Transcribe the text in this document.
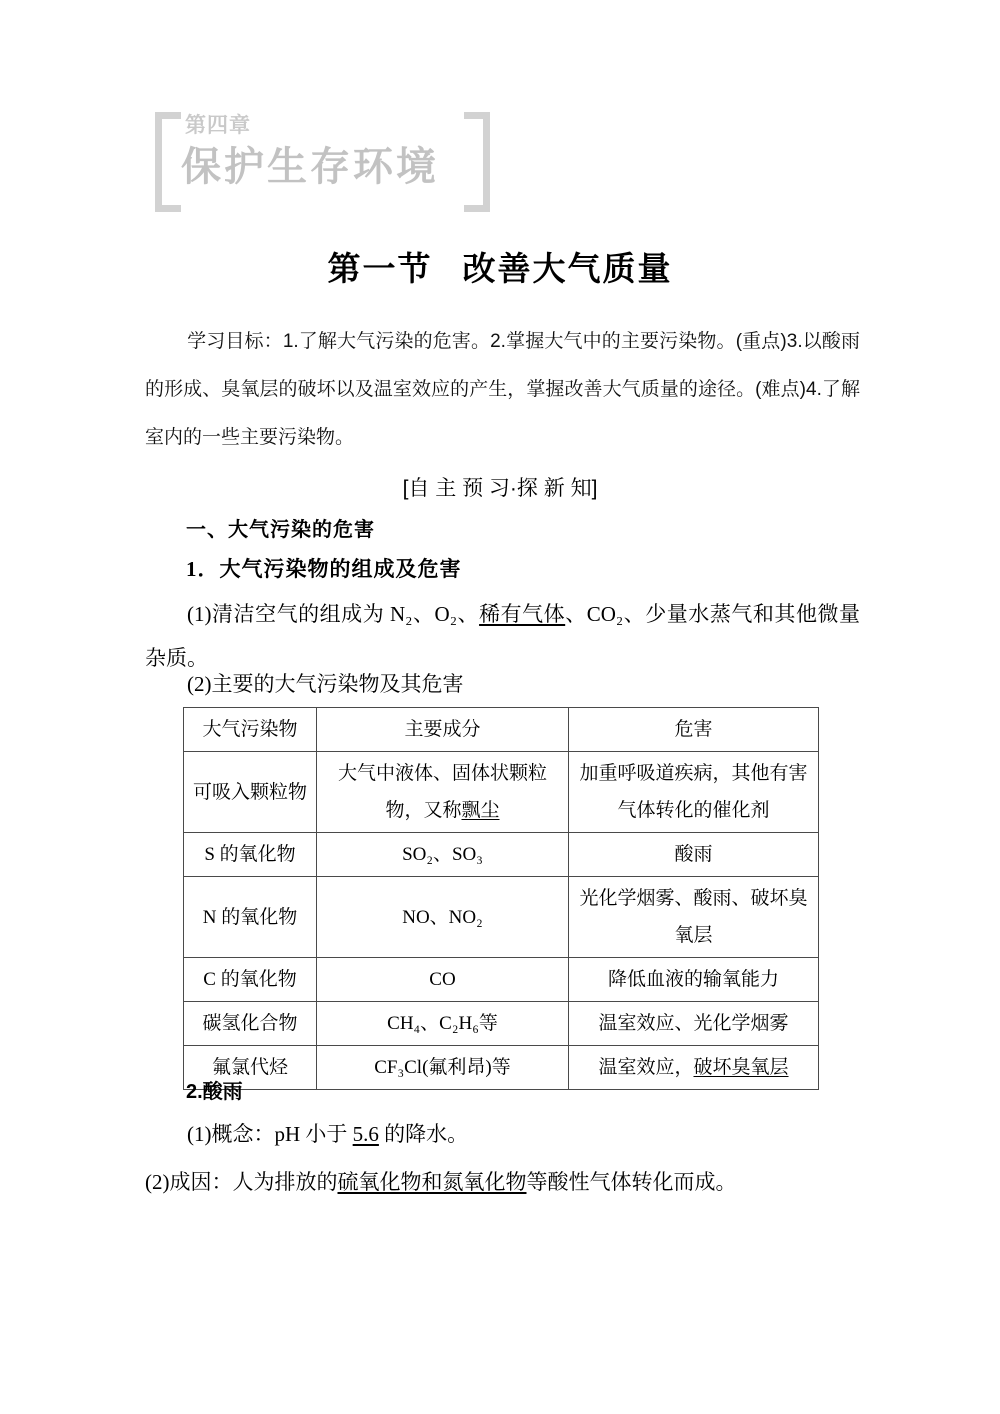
第四章
保护生存环境
第一节 改善大气质量
学习目标：1.了解大气污染的危害。2.掌握大气中的主要污染物。(重点)3.以酸雨的形成、臭氧层的破坏以及温室效应的产生，掌握改善大气质量的途径。(难点)4.了解室内的一些主要污染物。
[自 主 预 习·探 新 知]
一、大气污染的危害
1．大气污染物的组成及危害
(1)清洁空气的组成为 N₂、O₂、稀有气体、CO₂、少量水蒸气和其他微量杂质。
(2)主要的大气污染物及其危害
大气污染物	主要成分	危害
可吸入颗粒物	大气中液体、固体状颗粒物，又称飘尘	加重呼吸道疾病，其他有害气体转化的催化剂
S 的氧化物	SO₂、SO₃	酸雨
N 的氧化物	NO、NO₂	光化学烟雾、酸雨、破坏臭氧层
C 的氧化物	CO	降低血液的输氧能力
碳氢化合物	CH₄、C₂H₆等	温室效应、光化学烟雾
氟氯代烃	CF₃Cl(氟利昂)等	温室效应，破坏臭氧层
2.酸雨
(1)概念：pH 小于 5.6 的降水。
(2)成因：人为排放的硫氧化物和氮氧化物等酸性气体转化而成。
